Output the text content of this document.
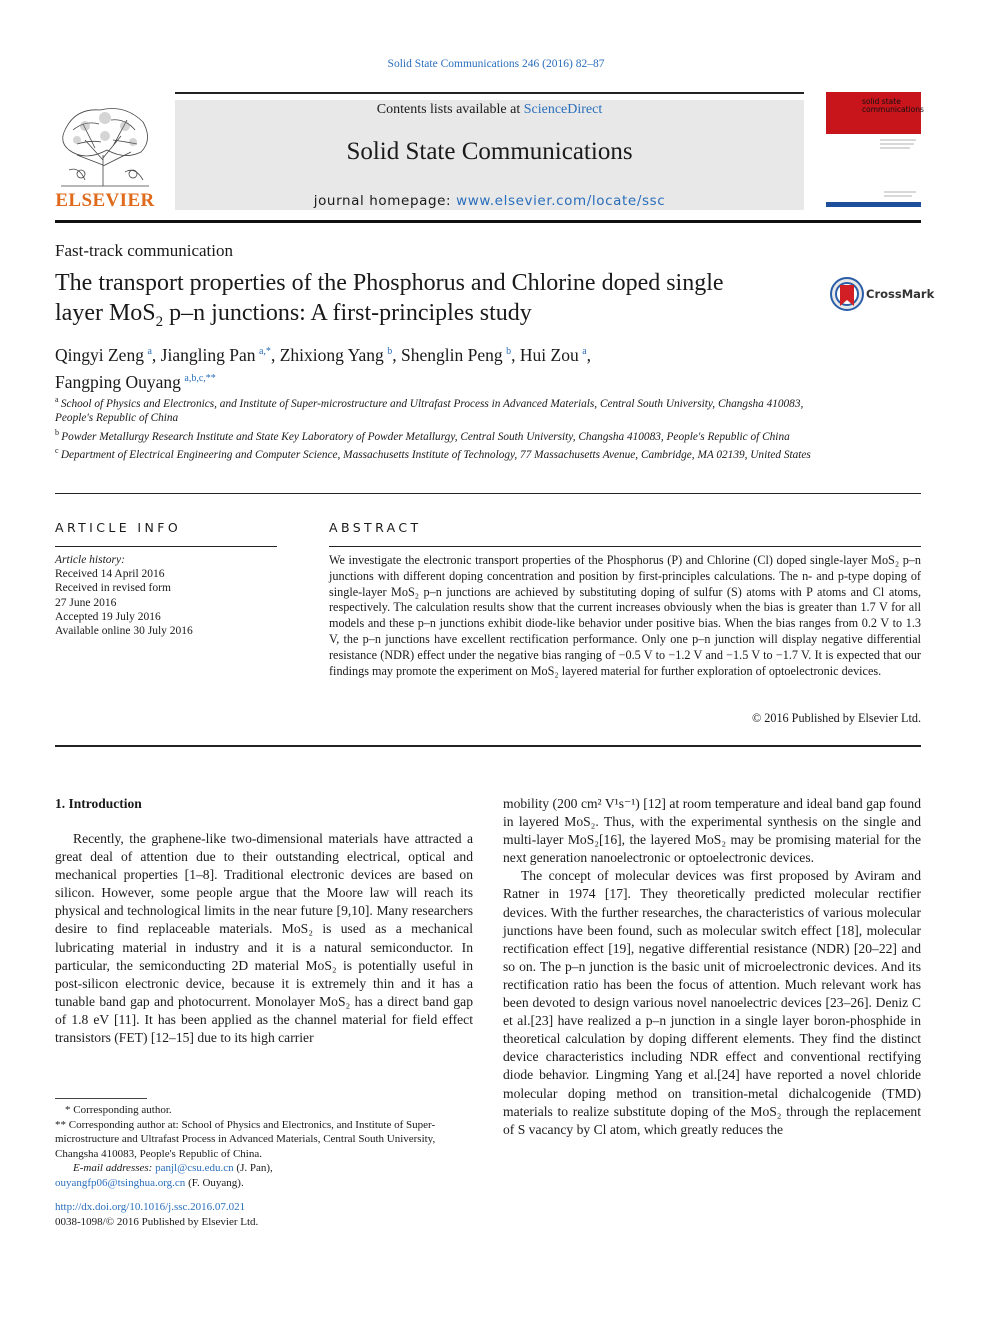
Solid State Communications 246 (2016) 82–87
Contents lists available at ScienceDirect
Solid State Communications
journal homepage: www.elsevier.com/locate/ssc
ELSEVIER
solid state communications
Fast-track communication
The transport properties of the Phosphorus and Chlorine doped single
layer MoS$_2$ p–n junctions: A first-principles study
CrossMark
Qingyi Zeng  $^a$, Jiangling Pan  $^{a,*}$, Zhixiong Yang  $^b$, Shenglin Peng  $^b$, Hui Zou  $^a$,
Fangping Ouyang  $^{a,b,c,**}$
$^a$  School of Physics and Electronics, and Institute of Super-microstructure and Ultrafast Process in Advanced Materials, Central South University, Changsha 410083, People's Republic of China
$^b$  Powder Metallurgy Research Institute and State Key Laboratory of Powder Metallurgy, Central South University, Changsha 410083, People's Republic of China
$^c$  Department of Electrical Engineering and Computer Science, Massachusetts Institute of Technology, 77 Massachusetts Avenue, Cambridge, MA 02139, United States
ARTICLE INFO
Article history:
Received 14 April 2016
Received in revised form
27 June 2016
Accepted 19 July 2016
Available online 30 July 2016
ABSTRACT
We investigate the electronic transport properties of the Phosphorus (P) and Chlorine (Cl) doped single-layer MoS₂ p–n junctions with different doping concentration and position by first-principles calculations. The n- and p-type doping of single-layer MoS₂ p–n junctions are achieved by substituting doping of sulfur (S) atoms with P atoms and Cl atoms, respectively. The calculation results show that the current increases obviously when the bias is greater than 1.7 V for all models and these p–n junctions exhibit diode-like behavior under positive bias. When the bias ranges from 0.2 V to 1.3 V, the p–n junctions have excellent rectification performance. Only one p–n junction will display negative differential resistance (NDR) effect under the negative bias ranging of −0.5 V to −1.2 V and −1.5 V to −1.7 V. It is expected that our findings may promote the experiment on MoS₂ layered material for further exploration of optoelectronic devices.
© 2016 Published by Elsevier Ltd.
1. Introduction

Recently, the graphene-like two-dimensional materials have attracted a great deal of attention due to their outstanding electrical, optical and mechanical properties [1–8]. Traditional electronic devices are based on silicon. However, some people argue that the Moore law will reach its physical and technological limits in the near future [9,10]. Many researchers desire to find replaceable materials. MoS₂ is used as a mechanical lubricating material in industry and it is a natural semiconductor. In particular, the semiconducting 2D material MoS₂ is potentially useful in post-silicon electronic device, because it is extremely thin and it has a tunable band gap and photocurrent. Monolayer MoS₂ has a direct band gap of 1.8 eV [11]. It has been applied as the channel material for field effect transistors (FET) [12–15] due to its high carrier

mobility (200 cm² V¹s⁻¹) [12] at room temperature and ideal band gap found in layered MoS₂. Thus, with the experimental synthesis on the single and multi-layer MoS₂[16], the layered MoS₂ may be promising material for the next generation nanoelectronic or optoelectronic devices.

The concept of molecular devices was first proposed by Aviram and Ratner in 1974 [17]. They theoretically predicted molecular rectifier devices. With the further researches, the characteristics of various molecular junctions have been found, such as molecular switch effect [18], molecular rectification effect [19], negative differential resistance (NDR) [20–22] and so on. The p–n junction is the basic unit of microelectronic devices. And its rectification ratio has been the focus of attention. Much relevant work has been devoted to design various novel nanoelectric devices [23–26]. Deniz C et al.[23] have realized a p–n junction in a single layer boron-phosphide in theoretical calculation by doping different elements. They find the distinct device characteristics including NDR effect and conventional rectifying diode behavior. Lingming Yang et al.[24] have reported a novel chloride molecular doping method on transition-metal dichalcogenide (TMD) materials to realize substitute doping of the MoS₂ through the replacement of S vacancy by Cl atom, which greatly reduces the

* Corresponding author.
** Corresponding author at: School of Physics and Electronics, and Institute of Super-microstructure and Ultrafast Process in Advanced Materials, Central South University, Changsha 410083, People's Republic of China.
E-mail addresses: panjl@csu.edu.cn (J. Pan),
ouyangfp06@tsinghua.org.cn (F. Ouyang).
http://dx.doi.org/10.1016/j.ssc.2016.07.021
0038-1098/© 2016 Published by Elsevier Ltd.
